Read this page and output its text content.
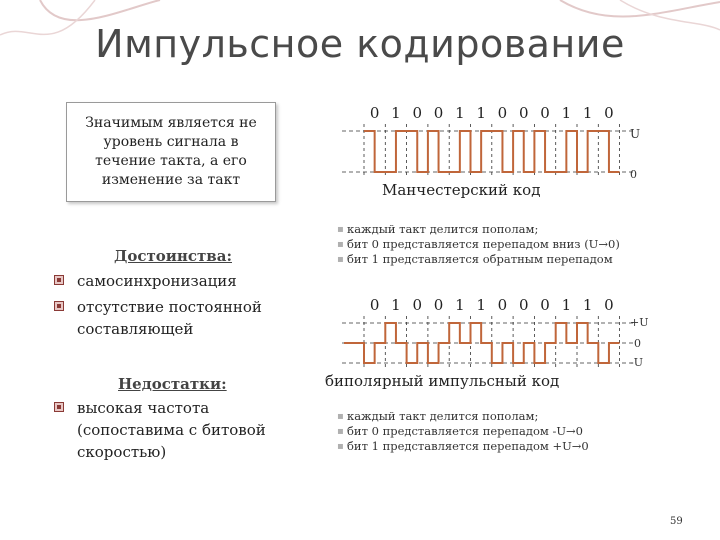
Импульсное кодирование
Значимым является не уровень сигнала в течение такта, а его изменение за такт
Достоинства:
самосинхронизация
отсутствие постоянной составляющей
Недостатки:
высокая частота (сопоставима с битовой скоростью)
0 1 0 0 1 1 0 0 0 1 1 0
U
0
Манчестерский код
▪ каждый такт делится пополам;
▪ бит 0 представляется перепадом вниз (U→0)
▪ бит 1 представляется обратным перепадом
0 1 0 0 1 1 0 0 0 1 1 0
+U
0
-U
биполярный импульсный код
▪ каждый такт делится пополам;
▪ бит 0 представляется перепадом -U→0
▪ бит 1 представляется перепадом +U→0
59
